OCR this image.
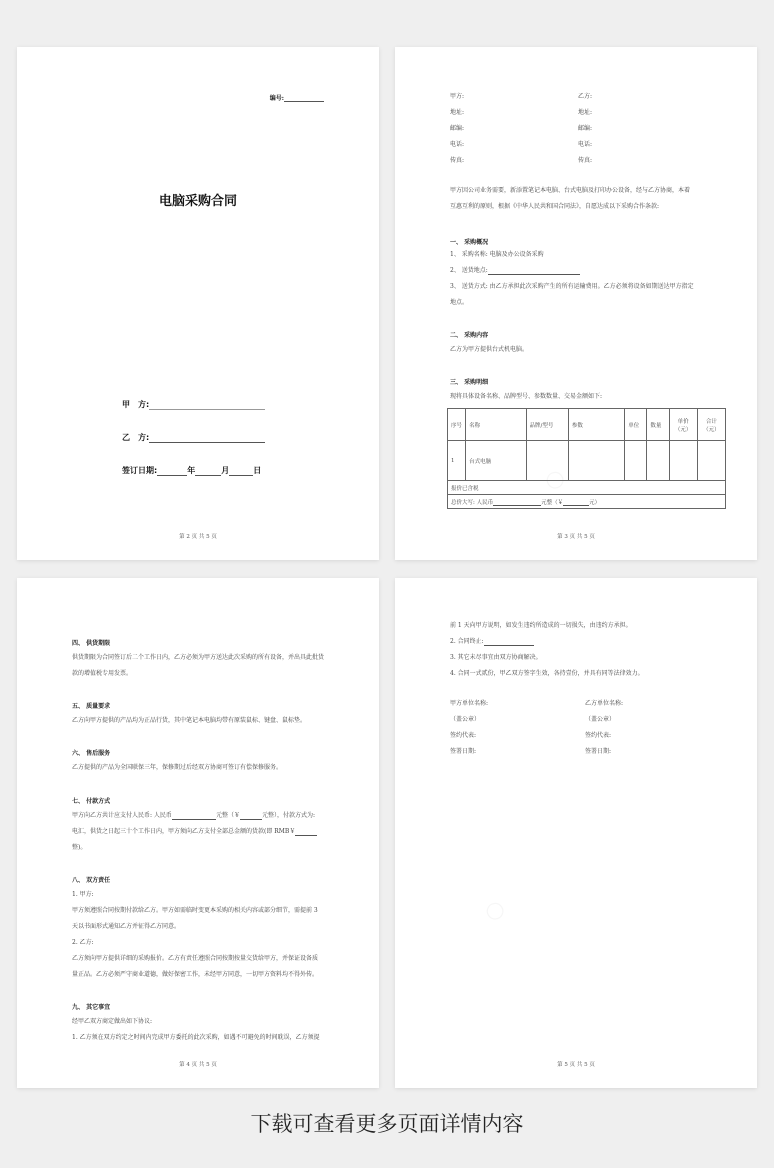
编号:
电脑采购合同
甲　方:
乙　方:
签订日期:	年	月	日
第 2 页 共 5 页
甲方:	乙方:
地址:	地址:
邮编:	邮编:
电话:	电话:
传真:	传真:
甲方因公司业务需要，新添置笔记本电脑、台式电脑及打印办公设备，经与乙方协商，本着
互惠互利的原则，根据《中华人民共和国合同法》，自愿达成以下采购合作条款:
一、 采购概况
1、 采购名称: 电脑及办公设备采购
2、 送货地点:
3、 送货方式: 由乙方承担此次采购产生的所有运输费用。乙方必须将设备如期送达甲方指定
地点。
二、 采购内容
乙方为甲方提供台式机电脑。
三、 采购明细
现将具体设备名称、品牌型号、参数数量、交易金额如下:
序号	名称	品牌/型号	参数	单位	数量	单价（元）	合计（元）
1	台式电脑						
报价已含税							
总价大写: 人民币 元整（￥ 元）							
第 3 页 共 5 页
四、 供货期限
供货期限为合同签订后二个工作日内，乙方必须为甲方送达此次采购的所有设备，并出具此批货
款的增值税专用发票。
五、 质量要求
乙方向甲方提供的产品均为正品行货，其中笔记本电脑均带有原装鼠标、键盘、鼠标垫。
六、 售后服务
乙方提供的产品为全国联保三年，保修期过后经双方协商可签订有偿保修服务。
七、 付款方式
甲方向乙方共计应支付人民币: 人民币	元整（￥	元整），付款方式为:
电汇，供货之日起三十个工作日内，甲方须向乙方支付全部总金额的货款(即 RMB￥
整)。
八、 双方责任
1. 甲方:
甲方须遵照合同按期付款给乙方。甲方如需临时变更本采购的相关内容或部分细节，需提前 3
天以书面形式通知乙方并征得乙方同意。
2. 乙方:
乙方须向甲方提供详细的采购报价。乙方有责任遵照合同按期按量交货给甲方，并保证设备质
量正品。乙方必须严守商业道德，做好保密工作，未经甲方同意，一切甲方资料均不得外传。
九、 其它事宜
经甲乙双方商定做出如下协议:
1. 乙方须在双方约定之时间内完成甲方委托的此次采购，如遇不可避免的时间耽误，乙方须提
第 4 页 共 5 页
前 1 天向甲方说明，如发生违约所造成的一切损失，由违约方承担。
2. 合同终止:
3. 其它未尽事宜由双方协商解决。
4. 合同一式贰份，甲乙双方签字生效，各持壹份，并具有同等法律效力。
甲方单位名称:	乙方单位名称:
（盖公章）	（盖公章）
签约代表:	签约代表:
签署日期:	签署日期:
第 5 页 共 5 页
下载可查看更多页面详情内容
